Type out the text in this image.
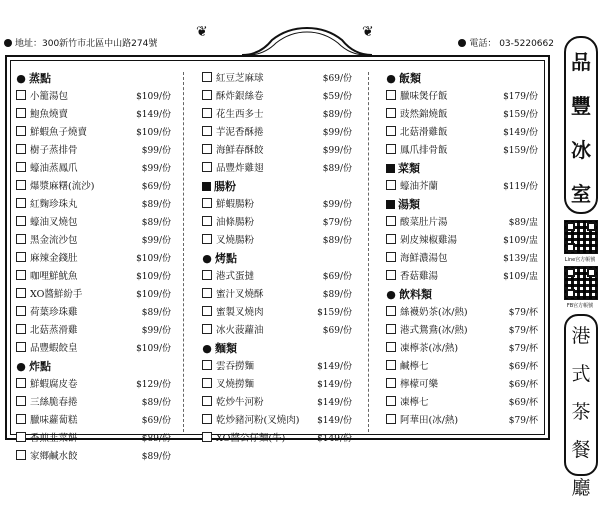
地址：300新竹市北區中山路274號	電話： 03-5220662
❦	❦
● 蒸點
小籠湯包	$109/份
鮑魚燒賣	$149/份
鮮蝦魚子燒賣	$109/份
樹子蒸排骨	$99/份
蠔油蒸鳳爪	$99/份
爆漿麻糬(流沙)	$69/份
紅麴珍珠丸	$89/份
蠔油叉燒包	$89/份
黑金流沙包	$99/份
麻辣金錢肚	$109/份
咖哩鮮魷魚	$109/份
XO醬鮮紛手	$109/份
荷葉珍珠雞	$89/份
北菇蒸滑雞	$99/份
品豐蝦餃皇	$109/份
● 炸點
鮮蝦腐皮卷	$129/份
三絲脆春捲	$89/份
臘味蘿蔔糕	$69/份
香煎韭菜餅	$89/份
家鄉鹹水餃	$89/份
紅豆芝麻球	$69/份
酥炸銀絲卷	$59/份
花生西多士	$89/份
芋泥香酥捲	$99/份
海鮮春酥餃	$99/份
品豐炸雞翅	$89/份
腸粉
鮮蝦腸粉	$99/份
油條腸粉	$79/份
叉燒腸粉	$89/份
● 烤點
港式蛋撻	$69/份
蜜汁叉燒酥	$89/份
蜜製叉燒肉	$159/份
冰火菠蘿油	$69/份
● 麵類
雲吞撈麵	$149/份
叉燒撈麵	$149/份
乾炒牛河粉	$149/份
乾炒豬河粉(叉燒肉) $149/份
XO醬公仔麵(牛)	$149/份
● 飯類
臘味煲仔飯	$179/份
豉然錦燒飯	$159/份
北菇滑雞飯	$149/份
鳳爪排骨飯	$159/份
菜類
蠔油芥蘭	$119/份
湯類
酸菜肚片湯	$89/盅
剁皮辣椒雞湯	$109/盅
海鮮濃湯包	$139/盅
香菇雞湯	$109/盅
● 飲料類
絲襪奶茶(冰/熱)	$79/杯
港式鴛鴦(冰/熱)	$79/杯
凍檸茶(冰/熱)	$79/杯
鹹檸七	$69/杯
檸檬可樂	$69/杯
凍檸七	$69/杯
阿華田(冰/熱)	$79/杯
品
豐
冰
室
Line官方帳號
FB官方帳號
港
式
茶
餐
廳
